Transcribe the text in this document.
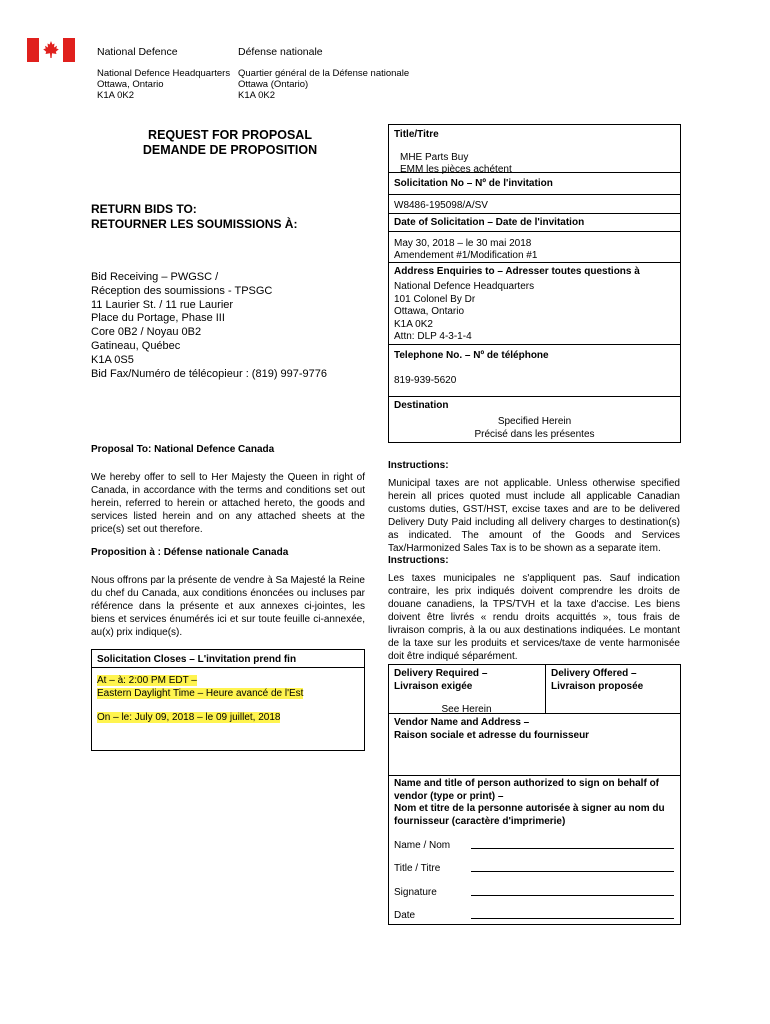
National Defence	Défense nationale
National Defence Headquarters
Ottawa, Ontario
K1A 0K2
Quartier général de la Défense nationale
Ottawa (Ontario)
K1A 0K2
REQUEST FOR PROPOSAL
DEMANDE DE PROPOSITION
RETURN BIDS TO:
RETOURNER LES SOUMISSIONS À:
Bid Receiving – PWGSC /
Réception des soumissions - TPSGC
11 Laurier St. / 11 rue Laurier
Place du Portage, Phase III
Core 0B2 / Noyau 0B2
Gatineau, Québec
K1A 0S5
Bid Fax/Numéro de télécopieur : (819) 997-9776
Proposal To: National Defence Canada
We hereby offer to sell to Her Majesty the Queen in right of Canada, in accordance with the terms and conditions set out herein, referred to herein or attached hereto, the goods and services listed herein and on any attached sheets at the price(s) set out therefore.
Proposition à : Défense nationale Canada
Nous offrons par la présente de vendre à Sa Majesté la Reine du chef du Canada, aux conditions énoncées ou incluses par référence dans la présente et aux annexes ci-jointes, les biens et services énumérés ici et sur toute feuille ci-annexée, au(x) prix indique(s).
Solicitation Closes – L'invitation prend fin
At – à: 2:00 PM EDT –
Eastern Daylight Time – Heure avancé de l'Est
On – le: July 09, 2018 – le 09 juillet, 2018
Title/Titre
MHE Parts Buy
EMM les pièces achétent
Solicitation No – Nº de l'invitation
W8486-195098/A/SV
Date of Solicitation – Date de l'invitation
May 30, 2018 – le 30 mai 2018
Amendement #1/Modification #1
Address Enquiries to – Adresser toutes questions à
National Defence Headquarters
101 Colonel By Dr
Ottawa, Ontario
K1A 0K2
Attn: DLP 4-3-1-4
Telephone No. – Nº de téléphone
819-939-5620
Destination
Specified Herein
Précisé dans les présentes
Instructions:
Municipal taxes are not applicable. Unless otherwise specified herein all prices quoted must include all applicable Canadian customs duties, GST/HST, excise taxes and are to be delivered Delivery Duty Paid including all delivery charges to destination(s) as indicated. The amount of the Goods and Services Tax/Harmonized Sales Tax is to be shown as a separate item.
Instructions:
Les taxes municipales ne s'appliquent pas. Sauf indication contraire, les prix indiqués doivent comprendre les droits de douane canadiens, la TPS/TVH et la taxe d'accise. Les biens doivent être livrés « rendu droits acquittés », tous frais de livraison compris, à la ou aux destinations indiquées. Le montant de la taxe sur les produits et services/taxe de vente harmonisée doit être indiqué séparément.
Delivery Required –
Livraison exigée
Delivery Offered –
Livraison proposée
See Herein
Vendor Name and Address –
Raison sociale et adresse du fournisseur
Name and title of person authorized to sign on behalf of
vendor (type or print) –
Nom et titre de la personne autorisée à signer au nom du
fournisseur (caractère d'imprimerie)
Name / Nom
Title / Titre
Signature
Date
